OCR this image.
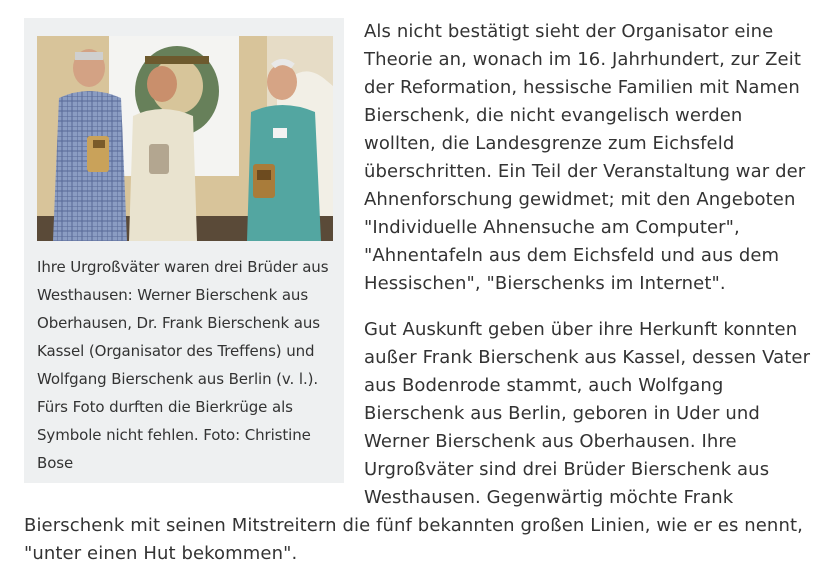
Ihre Urgroßväter waren drei Brüder aus Westhausen: Werner Bierschenk aus Oberhausen, Dr. Frank Bierschenk aus Kassel (Organisator des Treffens) und Wolfgang Bierschenk aus Berlin (v. l.). Fürs Foto durften die Bierkrüge als Symbole nicht fehlen. Foto: Christine Bose

Als nicht bestätigt sieht der Organisator eine Theorie an, wonach im 16. Jahrhundert, zur Zeit der Reformation, hessische Familien mit Namen Bierschenk, die nicht evangelisch werden wollten, die Landesgrenze zum Eichsfeld überschritten. Ein Teil der Veranstaltung war der Ahnenforschung gewidmet; mit den Angeboten "Individuelle Ahnensuche am Computer", "Ahnentafeln aus dem Eichsfeld und aus dem Hessischen", "Bierschenks im Internet".

Gut Auskunft geben über ihre Herkunft konnten außer Frank Bierschenk aus Kassel, dessen Vater aus Bodenrode stammt, auch Wolfgang Bierschenk aus Berlin, geboren in Uder und Werner Bierschenk aus Oberhausen. Ihre Urgroßväter sind drei Brüder Bierschenk aus Westhausen. Gegenwärtig möchte Frank Bierschenk mit seinen Mitstreitern die fünf bekannten großen Linien, wie er es nennt, "unter einen Hut bekommen".
